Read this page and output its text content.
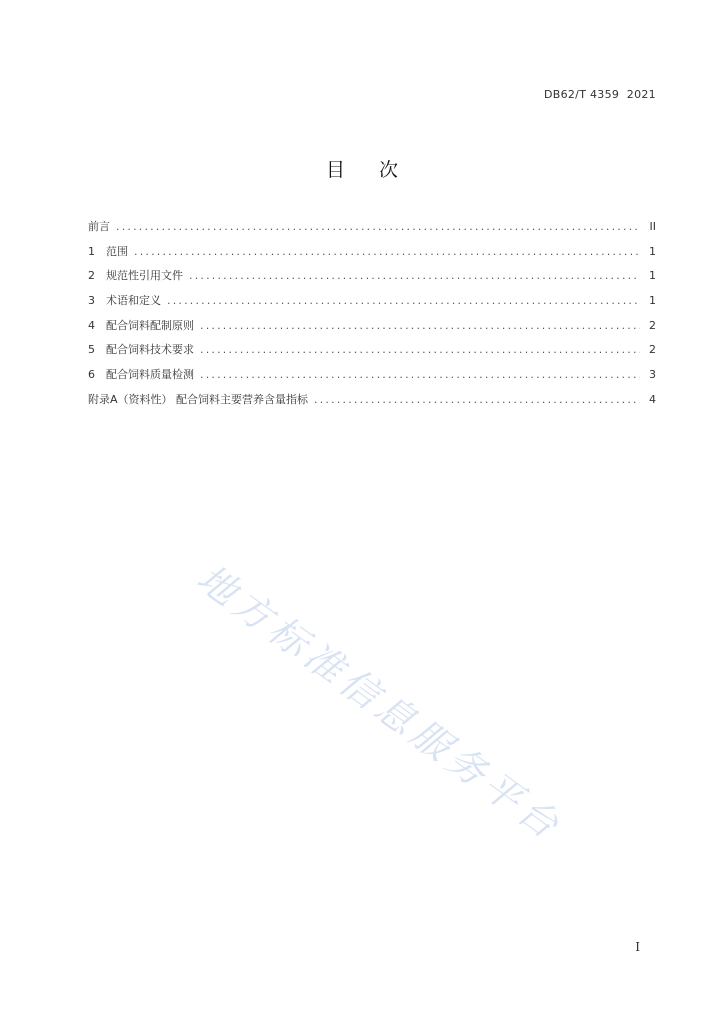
DB62/T 4359  2021
目次
前言 .....	II
1	范围 .....	1
2	规范性引用文件 .....	1
3	术语和定义 .....	1
4	配合饲料配制原则 .....	2
5	配合饲料技术要求 .....	2
6	配合饲料质量检测 .....	3
附录A（资料性） 配合饲料主要营养含量指标 .....	4
地方标准信息服务平台
I
